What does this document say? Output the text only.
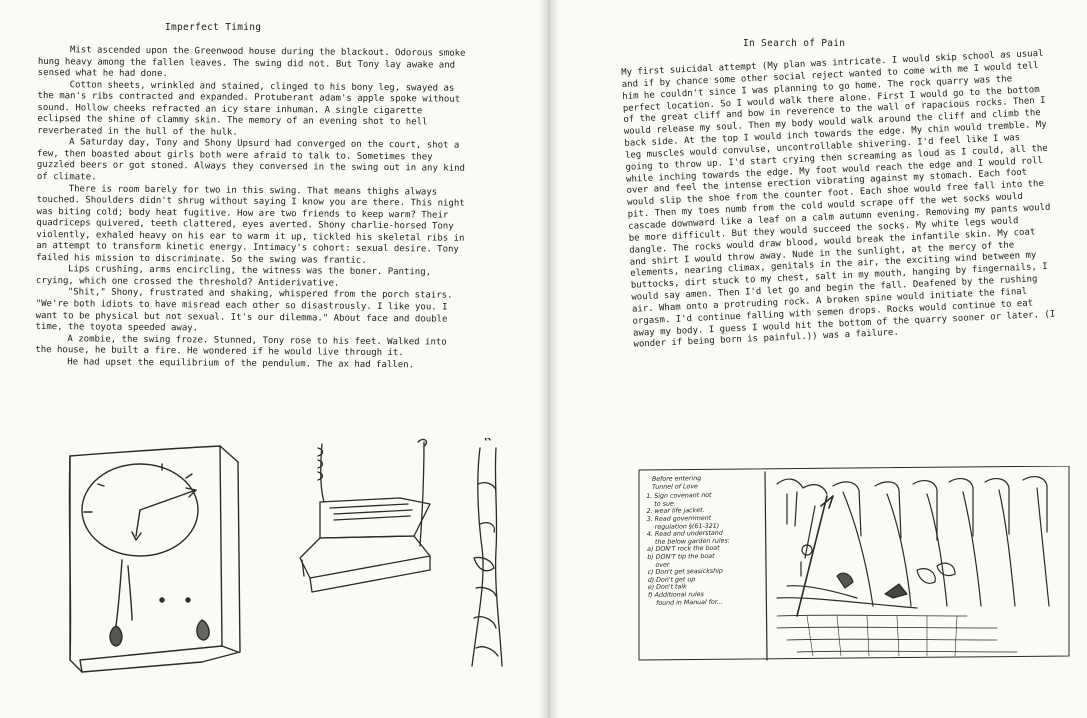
Imperfect Timing

Mist ascended upon the Greenwood house during the blackout. Odorous smoke hung heavy among the fallen leaves. The swing did not. But Tony lay awake and sensed what he had done.

Cotton sheets, wrinkled and stained, clinged to his bony leg, swayed as the man's ribs contracted and expanded. Protuberant adam's apple spoke without sound. Hollow cheeks refracted an icy stare inhuman. A single cigarette eclipsed the shine of clammy skin. The memory of an evening shot to hell reverberated in the hull of the hulk.

A Saturday day, Tony and Shony Upsurd had converged on the court, shot a few, then boasted about girls both were afraid to talk to. Sometimes they guzzled beers or got stoned. Always they conversed in the swing out in any kind of climate.

There is room barely for two in this swing. That means thighs always touched. Shoulders didn't shrug without saying I know you are there. This night was biting cold; body heat fugitive. How are two friends to keep warm? Their quadriceps quivered, teeth clattered, eyes averted. Shony charlie-horsed Tony violently, exhaled heavy on his ear to warm it up, tickled his skeletal ribs in an attempt to transform kinetic energy. Intimacy's cohort: sexual desire. Tony failed his mission to discriminate. So the swing was frantic.

Lips crushing, arms encircling, the witness was the boner. Panting, crying, which one crossed the threshold? Antiderivative.

"Shit," Shony, frustrated and shaking, whispered from the porch stairs. "We're both idiots to have misread each other so disastrously. I like you. I want to be physical but not sexual. It's our dilemma." About face and double time, the toyota speeded away.

A zombie, the swing froze. Stunned, Tony rose to his feet. Walked into the house, he built a fire. He wondered if he would live through it.

He had upset the equilibrium of the pendulum. The ax had fallen.

In Search of Pain

My first suicidal attempt (My plan was intricate. I would skip school as usual and if by chance some other social reject wanted to come with me I would tell him he couldn't since I was planning to go home. The rock quarry was the perfect location. So I would walk there alone. First I would go to the bottom of the great cliff and bow in reverence to the wall of rapacious rocks. Then I would release my soul. Then my body would walk around the cliff and climb the back side. At the top I would inch towards the edge. My chin would tremble. My leg muscles would convulse, uncontrollable shivering. I'd feel like I was going to throw up. I'd start crying then screaming as loud as I could, all the while inching towards the edge. My foot would reach the edge and I would roll over and feel the intense erection vibrating against my stomach. Each foot would slip the shoe from the counter foot. Each shoe would free fall into the pit. Then my toes numb from the cold would scrape off the wet socks would cascade downward like a leaf on a calm autumn evening. Removing my pants would be more difficult. But they would succeed the socks. My white legs would dangle. The rocks would draw blood, would break the infantile skin. My coat and shirt I would throw away. Nude in the sunlight, at the mercy of the elements, nearing climax, genitals in the air, the exciting wind between my buttocks, dirt stuck to my chest, salt in my mouth, hanging by fingernails, I would say amen. Then I'd let go and begin the fall. Deafened by the rushing air. Wham onto a protruding rock. A broken spine would initiate the final orgasm. I'd continue falling with semen drops. Rocks would continue to eat away my body. I guess I would hit the bottom of the quarry sooner or later. (I wonder if being born is painful.)) was a failure.

Before entering
Tunnel of Love
1. Sign covenant not
to sue.
2. wear life jacket.
3. Read government
regulation §(61-321)
4. Read and understand
the below garden rules:
a) DON'T rock the boat
b) DON'T tip the boat
over
c) Don't get seasickship
d) Don't get up
e) Don't talk
f) Additional rules
found in Manual for...
